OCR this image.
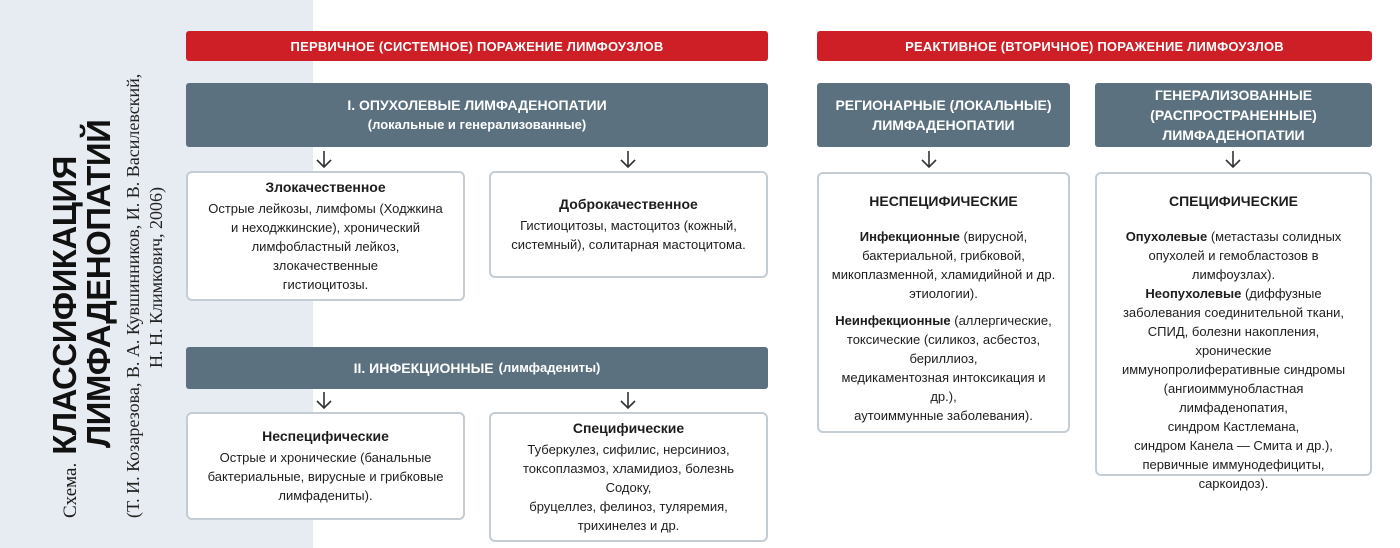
Схема.
КЛАССИФИКАЦИЯ
ЛИМФАДЕНОПАТИЙ (Т. И. Козарезова, В. А. Кувшинников, И. В. Василевский, Н. Н. Климкович, 2006)
ПЕРВИЧНОЕ (СИСТЕМНОЕ) ПОРАЖЕНИЕ ЛИМФОУЗЛОВ
I. ОПУХОЛЕВЫЕ ЛИМФАДЕНОПАТИИ
(локальные и генерализованные)
Злокачественное
Острые лейкозы, лимфомы (Ходжкина
и неходжкинские), хронический
лимфобластный лейкоз, злокачественные
гистиоцитозы.
Доброкачественное
Гистиоцитозы, мастоцитоз (кожный,
системный), солитарная мастоцитома.
II. ИНФЕКЦИОННЫЕ (лимфадениты)
Неспецифические
Острые и хронические (банальные
бактериальные, вирусные и грибковые
лимфадениты).
Специфические
Туберкулез, сифилис, нерсиниоз,
токсоплазмоз, хламидиоз, болезнь Содоку,
бруцеллез, фелиноз, туляремия,
трихинелез и др.
РЕАКТИВНОЕ (ВТОРИЧНОЕ) ПОРАЖЕНИЕ ЛИМФОУЗЛОВ
РЕГИОНАРНЫЕ (ЛОКАЛЬНЫЕ)
ЛИМФАДЕНОПАТИИ
ГЕНЕРАЛИЗОВАННЫЕ (РАСПРОСТРАНЕННЫЕ)
ЛИМФАДЕНОПАТИИ
НЕСПЕЦИФИЧЕСКИЕ
Инфекционные (вирусной,
бактериальной, грибковой,
микоплазменной, хламидийной и др.
этиологии).
Неинфекционные (аллергические,
токсические (силикоз, асбестоз, бериллиоз,
медикаментозная интоксикация и др.),
аутоиммунные заболевания).
СПЕЦИФИЧЕСКИЕ
Опухолевые (метастазы солидных
опухолей и гемобластозов в лимфоузлах).
Неопухолевые (диффузные
заболевания соединительной ткани,
СПИД, болезни накопления, хронические
иммунопролиферативные синдромы
(ангиоиммунобластная лимфаденопатия,
синдром Кастлемана,
синдром Канела — Смита и др.),
первичные иммунодефициты, саркоидоз).
